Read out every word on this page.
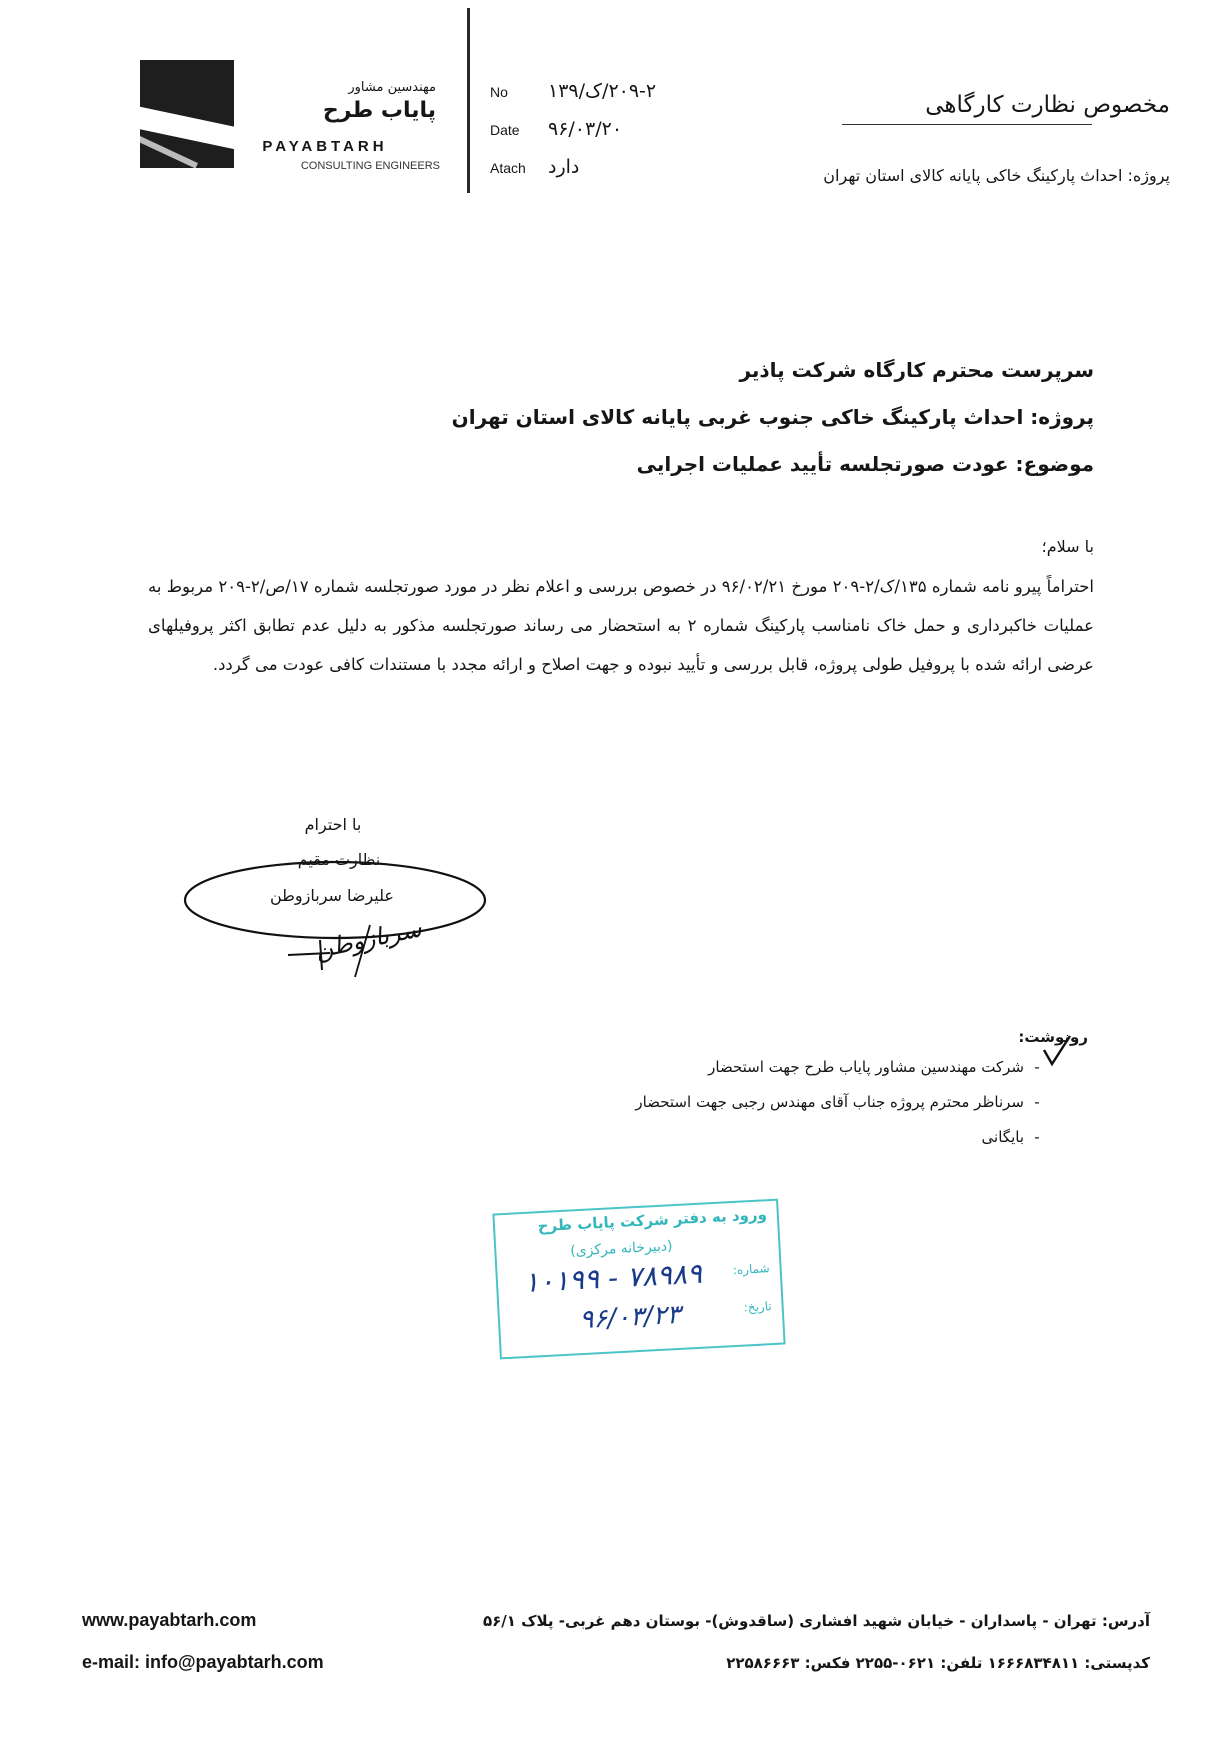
مهندسین مشاور
پایاب طرح
PAYABTARH
CONSULTING ENGINEERS
No ۲۰۹-۲/ک/۱۳۹
Date ۹۶/۰۳/۲۰
Atach دارد
مخصوص نظارت کارگاهی
پروژه: احداث پارکینگ خاکی پایانه کالای استان تهران
سرپرست محترم کارگاه شرکت پاذیر
پروژه: احداث پارکینگ خاکی جنوب غربی پایانه کالای استان تهران
موضوع: عودت صورتجلسه تأیید عملیات اجرایی
با سلام؛
احتراماً پیرو نامه شماره ۱۳۵/ک/۲-۲۰۹ مورخ ۹۶/۰۲/۲۱ در خصوص بررسی و اعلام نظر در مورد صورتجلسه شماره ۱۷/ص/۲-۲۰۹ مربوط به عملیات خاکبرداری و حمل خاک نامناسب پارکینگ شماره ۲ به استحضار می رساند صورتجلسه مذکور به دلیل عدم تطابق اکثر پروفیلهای عرضی ارائه شده با پروفیل طولی پروژه، قابل بررسی و تأیید نبوده و جهت اصلاح و ارائه مجدد با مستندات کافی عودت می گردد.
سربازوطن
با احترام
نظارت مقیم
علیرضا سربازوطن
رونوشت:
-
شرکت مهندسین مشاور پایاب طرح جهت استحضار
-
سرناظر محترم پروژه جناب آقای مهندس رجبی جهت استحضار
-
بایگانی
ورود به دفتر شرکت پایاب طرح
(دبیرخانه مرکزی)
شماره:
۱۰۱۹۹ - ۷۸۹۸۹
تاریخ:
۹۶/۰۳/۲۳
www.payabtarh.com
e-mail: info@payabtarh.com
آدرس: تهران - پاسداران - خیابان شهید افشاری (ساقدوش)- بوستان دهم غربی- پلاک ۵۶/۱
کدپستی: ۱۶۶۶۸۳۴۸۱۱ تلفن: ۰۶۲۱-۲۲۵۵ فکس: ۲۲۵۸۶۶۶۳
